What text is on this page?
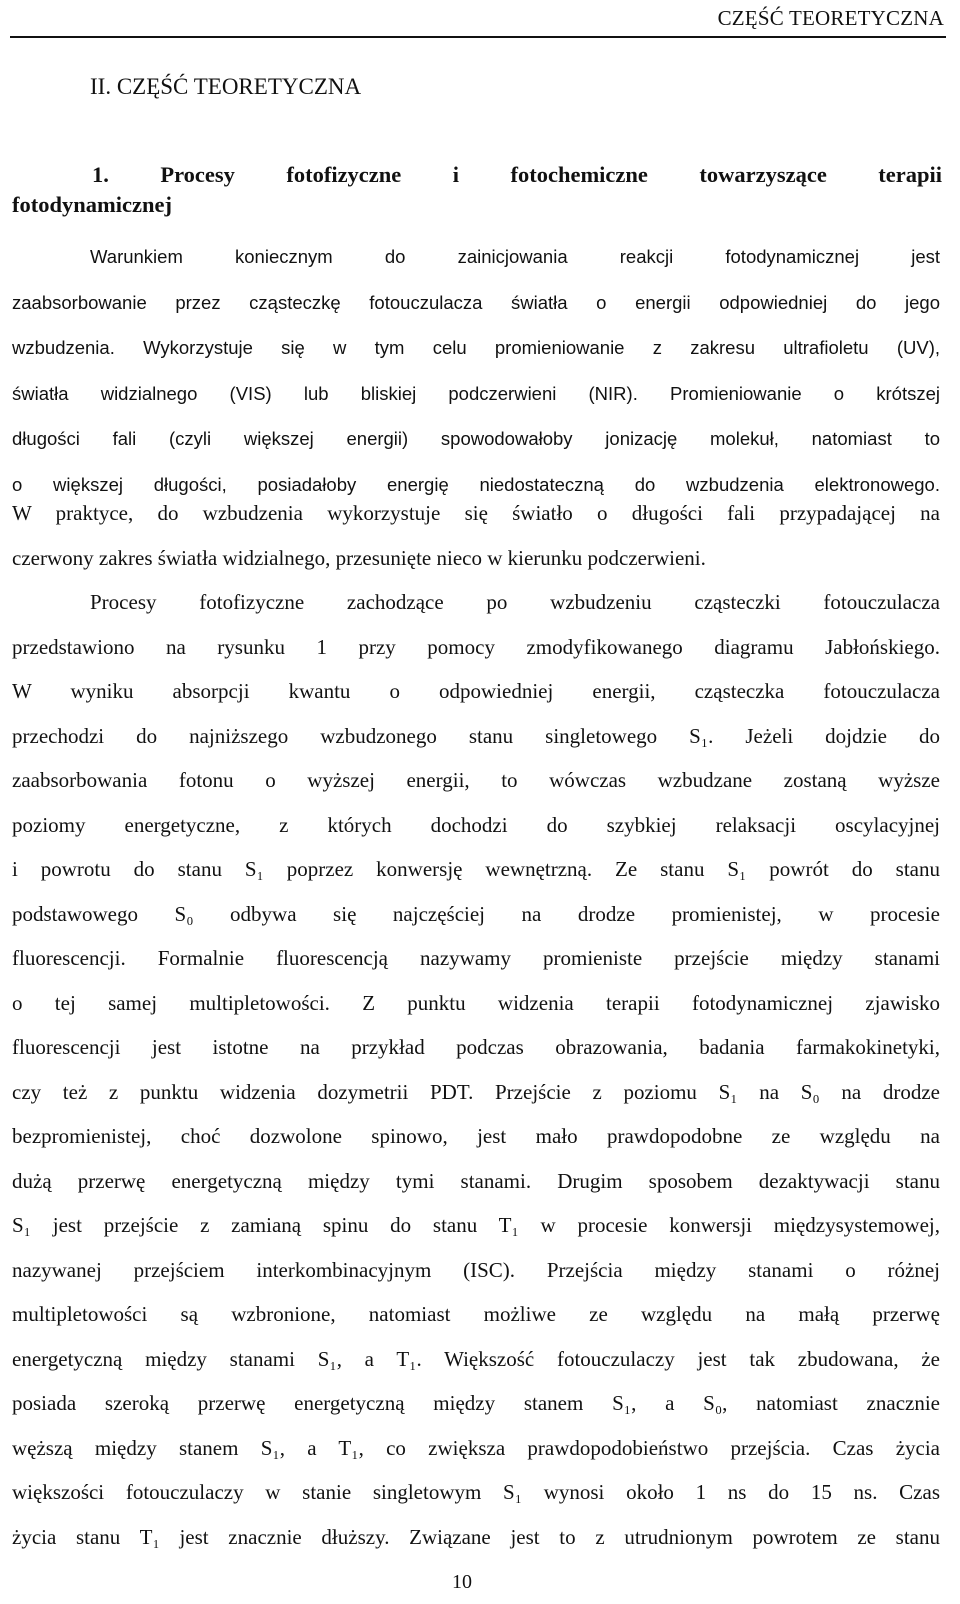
CZĘŚĆ TEORETYCZNA
II. CZĘŚĆ TEORETYCZNA
1. Procesy fotofizyczne i fotochemiczne towarzyszące terapii
fotodynamicznej
Warunkiem koniecznym do zainicjowania reakcji fotodynamicznej jest
zaabsorbowanie przez cząsteczkę fotouczulacza światła o energii odpowiedniej do jego
wzbudzenia. Wykorzystuje się w tym celu promieniowanie z zakresu ultrafioletu (UV),
światła widzialnego (VIS) lub bliskiej podczerwieni (NIR). Promieniowanie o krótszej
długości fali (czyli większej energii) spowodowałoby jonizację molekuł, natomiast to
o większej długości, posiadałoby energię niedostateczną do wzbudzenia elektronowego.
W praktyce, do wzbudzenia wykorzystuje się światło o długości fali przypadającej na
czerwony zakres światła widzialnego, przesunięte nieco w kierunku podczerwieni.
Procesy fotofizyczne zachodzące po wzbudzeniu cząsteczki fotouczulacza
przedstawiono na rysunku 1 przy pomocy zmodyfikowanego diagramu Jabłońskiego.
W wyniku absorpcji kwantu o odpowiedniej energii, cząsteczka fotouczulacza
przechodzi do najniższego wzbudzonego stanu singletowego S₁. Jeżeli dojdzie do
zaabsorbowania fotonu o wyższej energii, to wówczas wzbudzane zostaną wyższe
poziomy energetyczne, z których dochodzi do szybkiej relaksacji oscylacyjnej
i powrotu do stanu S₁ poprzez konwersję wewnętrzną. Ze stanu S₁ powrót do stanu
podstawowego S₀ odbywa się najczęściej na drodze promienistej, w procesie
fluorescencji. Formalnie fluorescencją nazywamy promieniste przejście między stanami
o tej samej multipletowości. Z punktu widzenia terapii fotodynamicznej zjawisko
fluorescencji jest istotne na przykład podczas obrazowania, badania farmakokinetyki,
czy też z punktu widzenia dozymetrii PDT. Przejście z poziomu S₁ na S₀ na drodze
bezpromienistej, choć dozwolone spinowo, jest mało prawdopodobne ze względu na
dużą przerwę energetyczną między tymi stanami. Drugim sposobem dezaktywacji stanu
S₁ jest przejście z zamianą spinu do stanu T₁ w procesie konwersji międzysystemowej,
nazywanej przejściem interkombinacyjnym (ISC). Przejścia między stanami o różnej
multipletowości są wzbronione, natomiast możliwe ze względu na małą przerwę
energetyczną między stanami S₁, a T₁. Większość fotouczulaczy jest tak zbudowana, że
posiada szeroką przerwę energetyczną między stanem S₁, a S₀, natomiast znacznie
węższą między stanem S₁, a T₁, co zwiększa prawdopodobieństwo przejścia. Czas życia
większości fotouczulaczy w stanie singletowym S₁ wynosi około 1 ns do 15 ns. Czas
życia stanu T₁ jest znacznie dłuższy. Związane jest to z utrudnionym powrotem ze stanu
10
